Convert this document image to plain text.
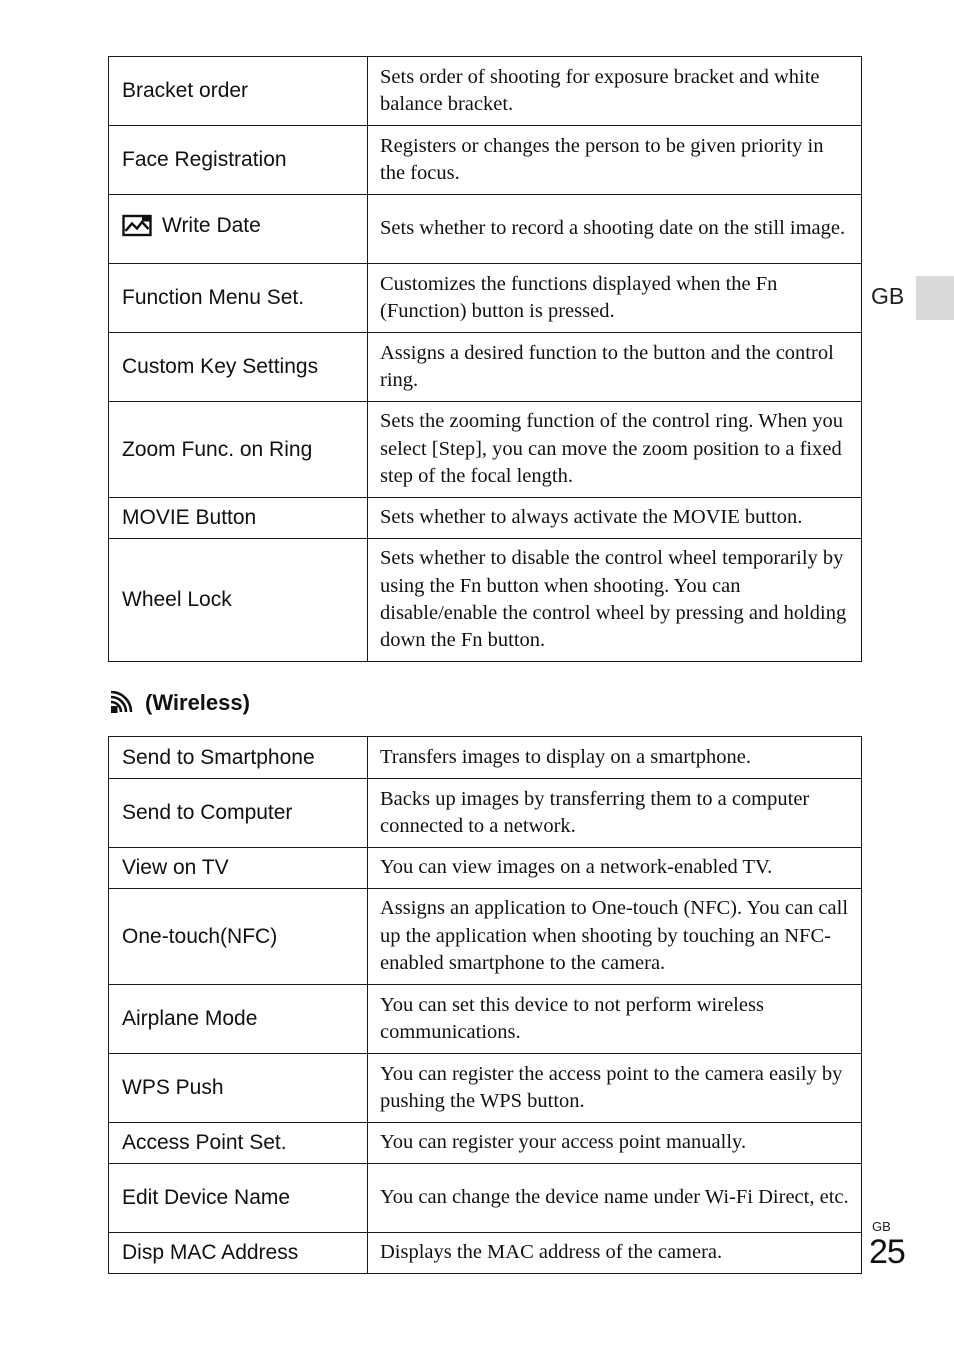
GB
Bracket order	Sets order of shooting for exposure bracket and white balance bracket.
Face Registration	Registers or changes the person to be given priority in the focus.

Write Date	Sets whether to record a shooting date on the still image.
Function Menu Set.	Customizes the functions displayed when the Fn (Function) button is pressed.
Custom Key Settings	Assigns a desired function to the button and the control ring.
Zoom Func. on Ring	Sets the zooming function of the control ring. When you select [Step], you can move the zoom position to a fixed step of the focal length.
MOVIE Button	Sets whether to always activate the MOVIE button.
Wheel Lock	Sets whether to disable the control wheel temporarily by using the Fn button when shooting. You can disable/enable the control wheel by pressing and holding down the Fn button.
(Wireless)
Send to Smartphone	Transfers images to display on a smartphone.
Send to Computer	Backs up images by transferring them to a computer connected to a network.
View on TV	You can view images on a network-enabled TV.
One-touch(NFC)	Assigns an application to One-touch (NFC). You can call up the application when shooting by touching an NFC-enabled smartphone to the camera.
Airplane Mode	You can set this device to not perform wireless communications.
WPS Push	You can register the access point to the camera easily by pushing the WPS button.
Access Point Set.	You can register your access point manually.
Edit Device Name	You can change the device name under Wi-Fi Direct, etc.
Disp MAC Address	Displays the MAC address of the camera.
GB
25
